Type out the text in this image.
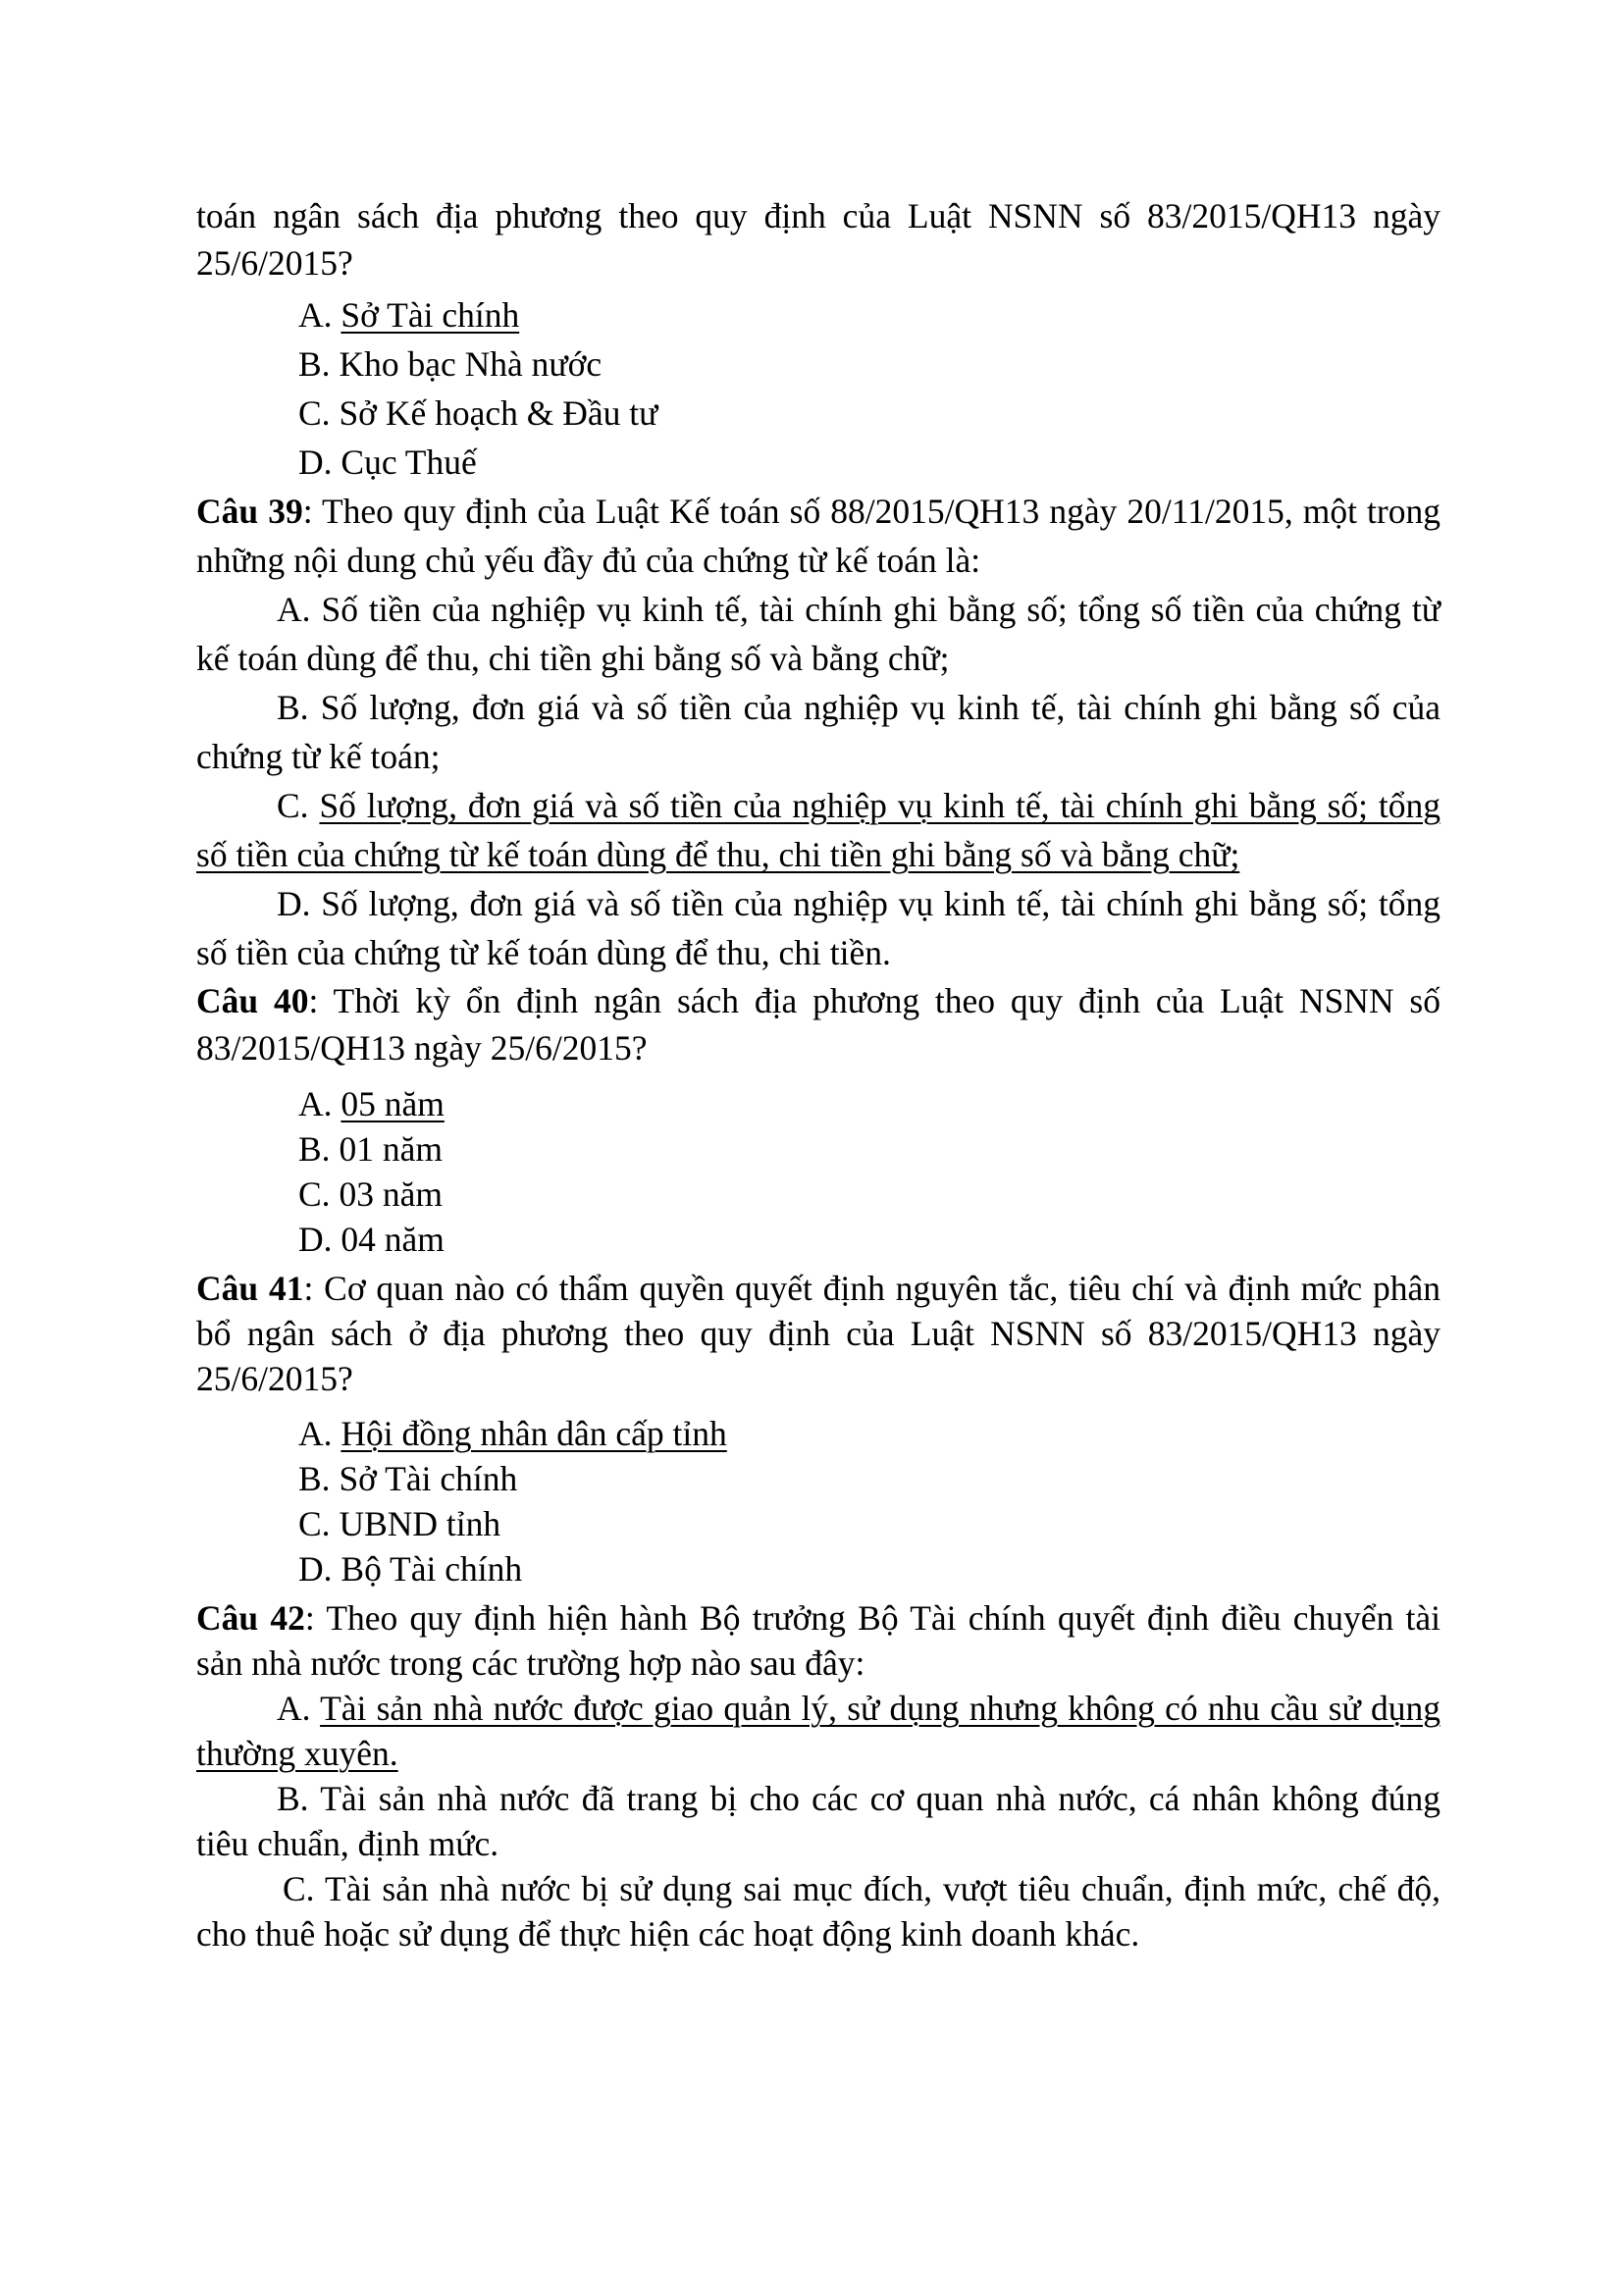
toán ngân sách địa phương theo quy định của Luật NSNN số 83/2015/QH13 ngày 25/6/2015?

A. Sở Tài chính

B. Kho bạc Nhà nước

C. Sở Kế hoạch & Đầu tư

D. Cục Thuế

Câu 39: Theo quy định của Luật Kế toán số 88/2015/QH13 ngày 20/11/2015, một trong những nội dung chủ yếu đầy đủ của chứng từ kế toán là:

A. Số tiền của nghiệp vụ kinh tế, tài chính ghi bằng số; tổng số tiền của chứng từ kế toán dùng để thu, chi tiền ghi bằng số và bằng chữ;

B. Số lượng, đơn giá và số tiền của nghiệp vụ kinh tế, tài chính ghi bằng số của chứng từ kế toán;

C. Số lượng, đơn giá và số tiền của nghiệp vụ kinh tế, tài chính ghi bằng số; tổng số tiền của chứng từ kế toán dùng để thu, chi tiền ghi bằng số và bằng chữ;

D. Số lượng, đơn giá và số tiền của nghiệp vụ kinh tế, tài chính ghi bằng số; tổng số tiền của chứng từ kế toán dùng để thu, chi tiền.

Câu 40: Thời kỳ ổn định ngân sách địa phương theo quy định của Luật NSNN số 83/2015/QH13 ngày 25/6/2015?

A. 05 năm

B. 01 năm

C. 03 năm

D. 04 năm

Câu 41: Cơ quan nào có thẩm quyền quyết định nguyên tắc, tiêu chí và định mức phân bổ ngân sách ở địa phương theo quy định của Luật NSNN số 83/2015/QH13 ngày 25/6/2015?

A. Hội đồng nhân dân cấp tỉnh

B. Sở Tài chính

C. UBND tỉnh

D. Bộ Tài chính

Câu 42: Theo quy định hiện hành Bộ trưởng Bộ Tài chính quyết định điều chuyển tài sản nhà nước trong các trường hợp nào sau đây:

A. Tài sản nhà nước được giao quản lý, sử dụng nhưng không có nhu cầu sử dụng thường xuyên.

B. Tài sản nhà nước đã trang bị cho các cơ quan nhà nước, cá nhân không đúng tiêu chuẩn, định mức.

C. Tài sản nhà nước bị sử dụng sai mục đích, vượt tiêu chuẩn, định mức, chế độ, cho thuê hoặc sử dụng để thực hiện các hoạt động kinh doanh khác.
